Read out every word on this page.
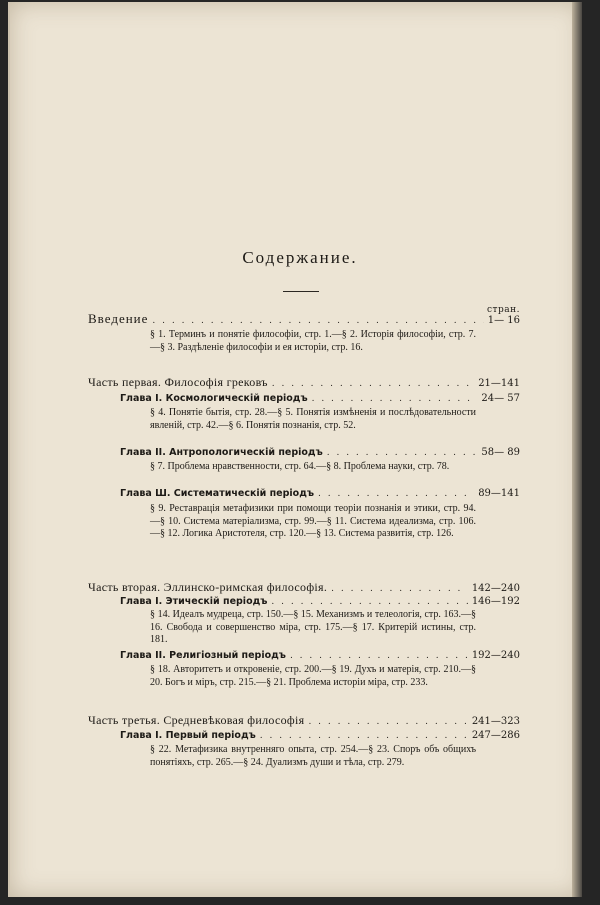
Содержание.
стран.
Введение . . .	1— 16
§ 1. Терминъ и понятіе философіи, стр. 1.—§ 2. Исторія философіи, стр. 7.—§ 3. Раздѣленіе философіи и ея исторіи, стр. 16.
Часть первая. Философія грековъ . . .	21—141
Глава I. Космологическій періодъ . . .	24— 57
§ 4. Понятіе бытія, стр. 28.—§ 5. Понятія измѣненія и послѣдовательности явленій, стр. 42.—§ 6. Понятія познанія, стр. 52.
Глава II. Антропологическій періодъ . . .	58— 89
§ 7. Проблема нравственности, стр. 64.—§ 8. Проблема науки, стр. 78.
Глава Ш. Систематическій періодъ . . .	89—141
§ 9. Реставрація метафизики при помощи теоріи познанія и этики, стр. 94.—§ 10. Система матеріализма, стр. 99.—§ 11. Система идеализма, стр. 106.—§ 12. Логика Аристотеля, стр. 120.—§ 13. Система развитія, стр. 126.
Часть вторая. Эллинско-римская философія. . . .	142—240
Глава I. Этическій періодъ . . .	146—192
§ 14. Идеалъ мудреца, стр. 150.—§ 15. Механизмъ и телеологія, стр. 163.—§ 16. Свобода и совершенство міра, стр. 175.—§ 17. Критерій истины, стр. 181.
Глава II. Религіозный періодъ . . .	192—240
§ 18. Авторитетъ и откровеніе, стр. 200.—§ 19. Духъ и матерія, стр. 210.—§ 20. Богъ и міръ, стр. 215.—§ 21. Проблема исторіи міра, стр. 233.
Часть третья. Средневѣковая философія . . .	241—323
Глава I. Первый періодъ . . .	247—286
§ 22. Метафизика внутренняго опыта, стр. 254.—§ 23. Споръ объ общихъ понятіяхъ, стр. 265.—§ 24. Дуализмъ души и тѣла, стр. 279.
